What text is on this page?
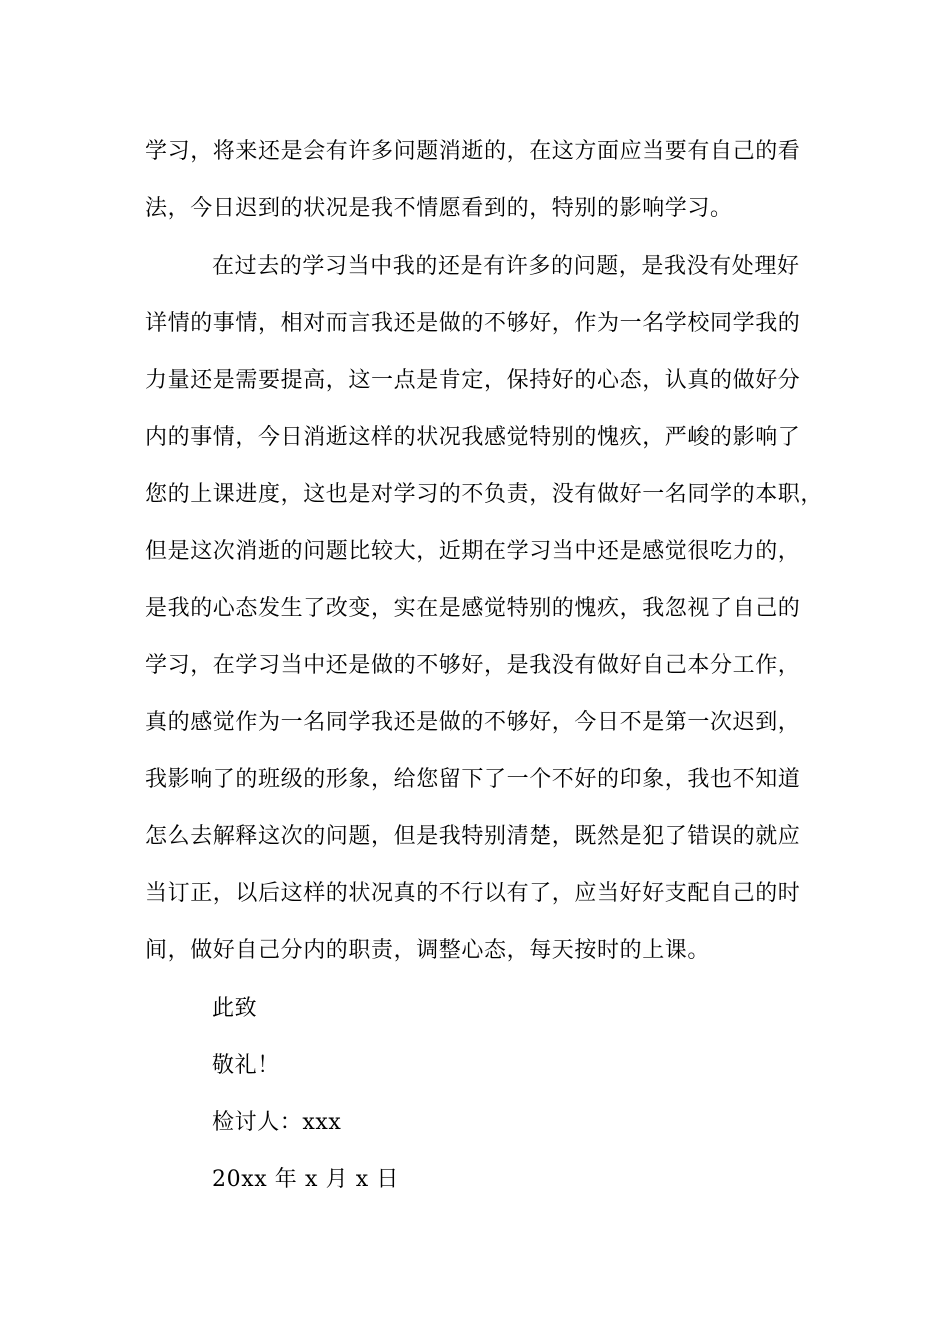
学习，将来还是会有许多问题消逝的，在这方面应当要有自己的看
法，今日迟到的状况是我不情愿看到的，特别的影响学习。
在过去的学习当中我的还是有许多的问题，是我没有处理好
详情的事情，相对而言我还是做的不够好，作为一名学校同学我的
力量还是需要提高，这一点是肯定，保持好的心态，认真的做好分
内的事情，今日消逝这样的状况我感觉特别的愧疚，严峻的影响了
您的上课进度，这也是对学习的不负责，没有做好一名同学的本职，
但是这次消逝的问题比较大，近期在学习当中还是感觉很吃力的，
是我的心态发生了改变，实在是感觉特别的愧疚，我忽视了自己的
学习，在学习当中还是做的不够好，是我没有做好自己本分工作，
真的感觉作为一名同学我还是做的不够好，今日不是第一次迟到，
我影响了的班级的形象，给您留下了一个不好的印象，我也不知道
怎么去解释这次的问题，但是我特别清楚，既然是犯了错误的就应
当订正，以后这样的状况真的不行以有了，应当好好支配自己的时
间，做好自己分内的职责，调整心态，每天按时的上课。
此致
敬礼！
检讨人：xxx
20xx 年 x 月 x 日
